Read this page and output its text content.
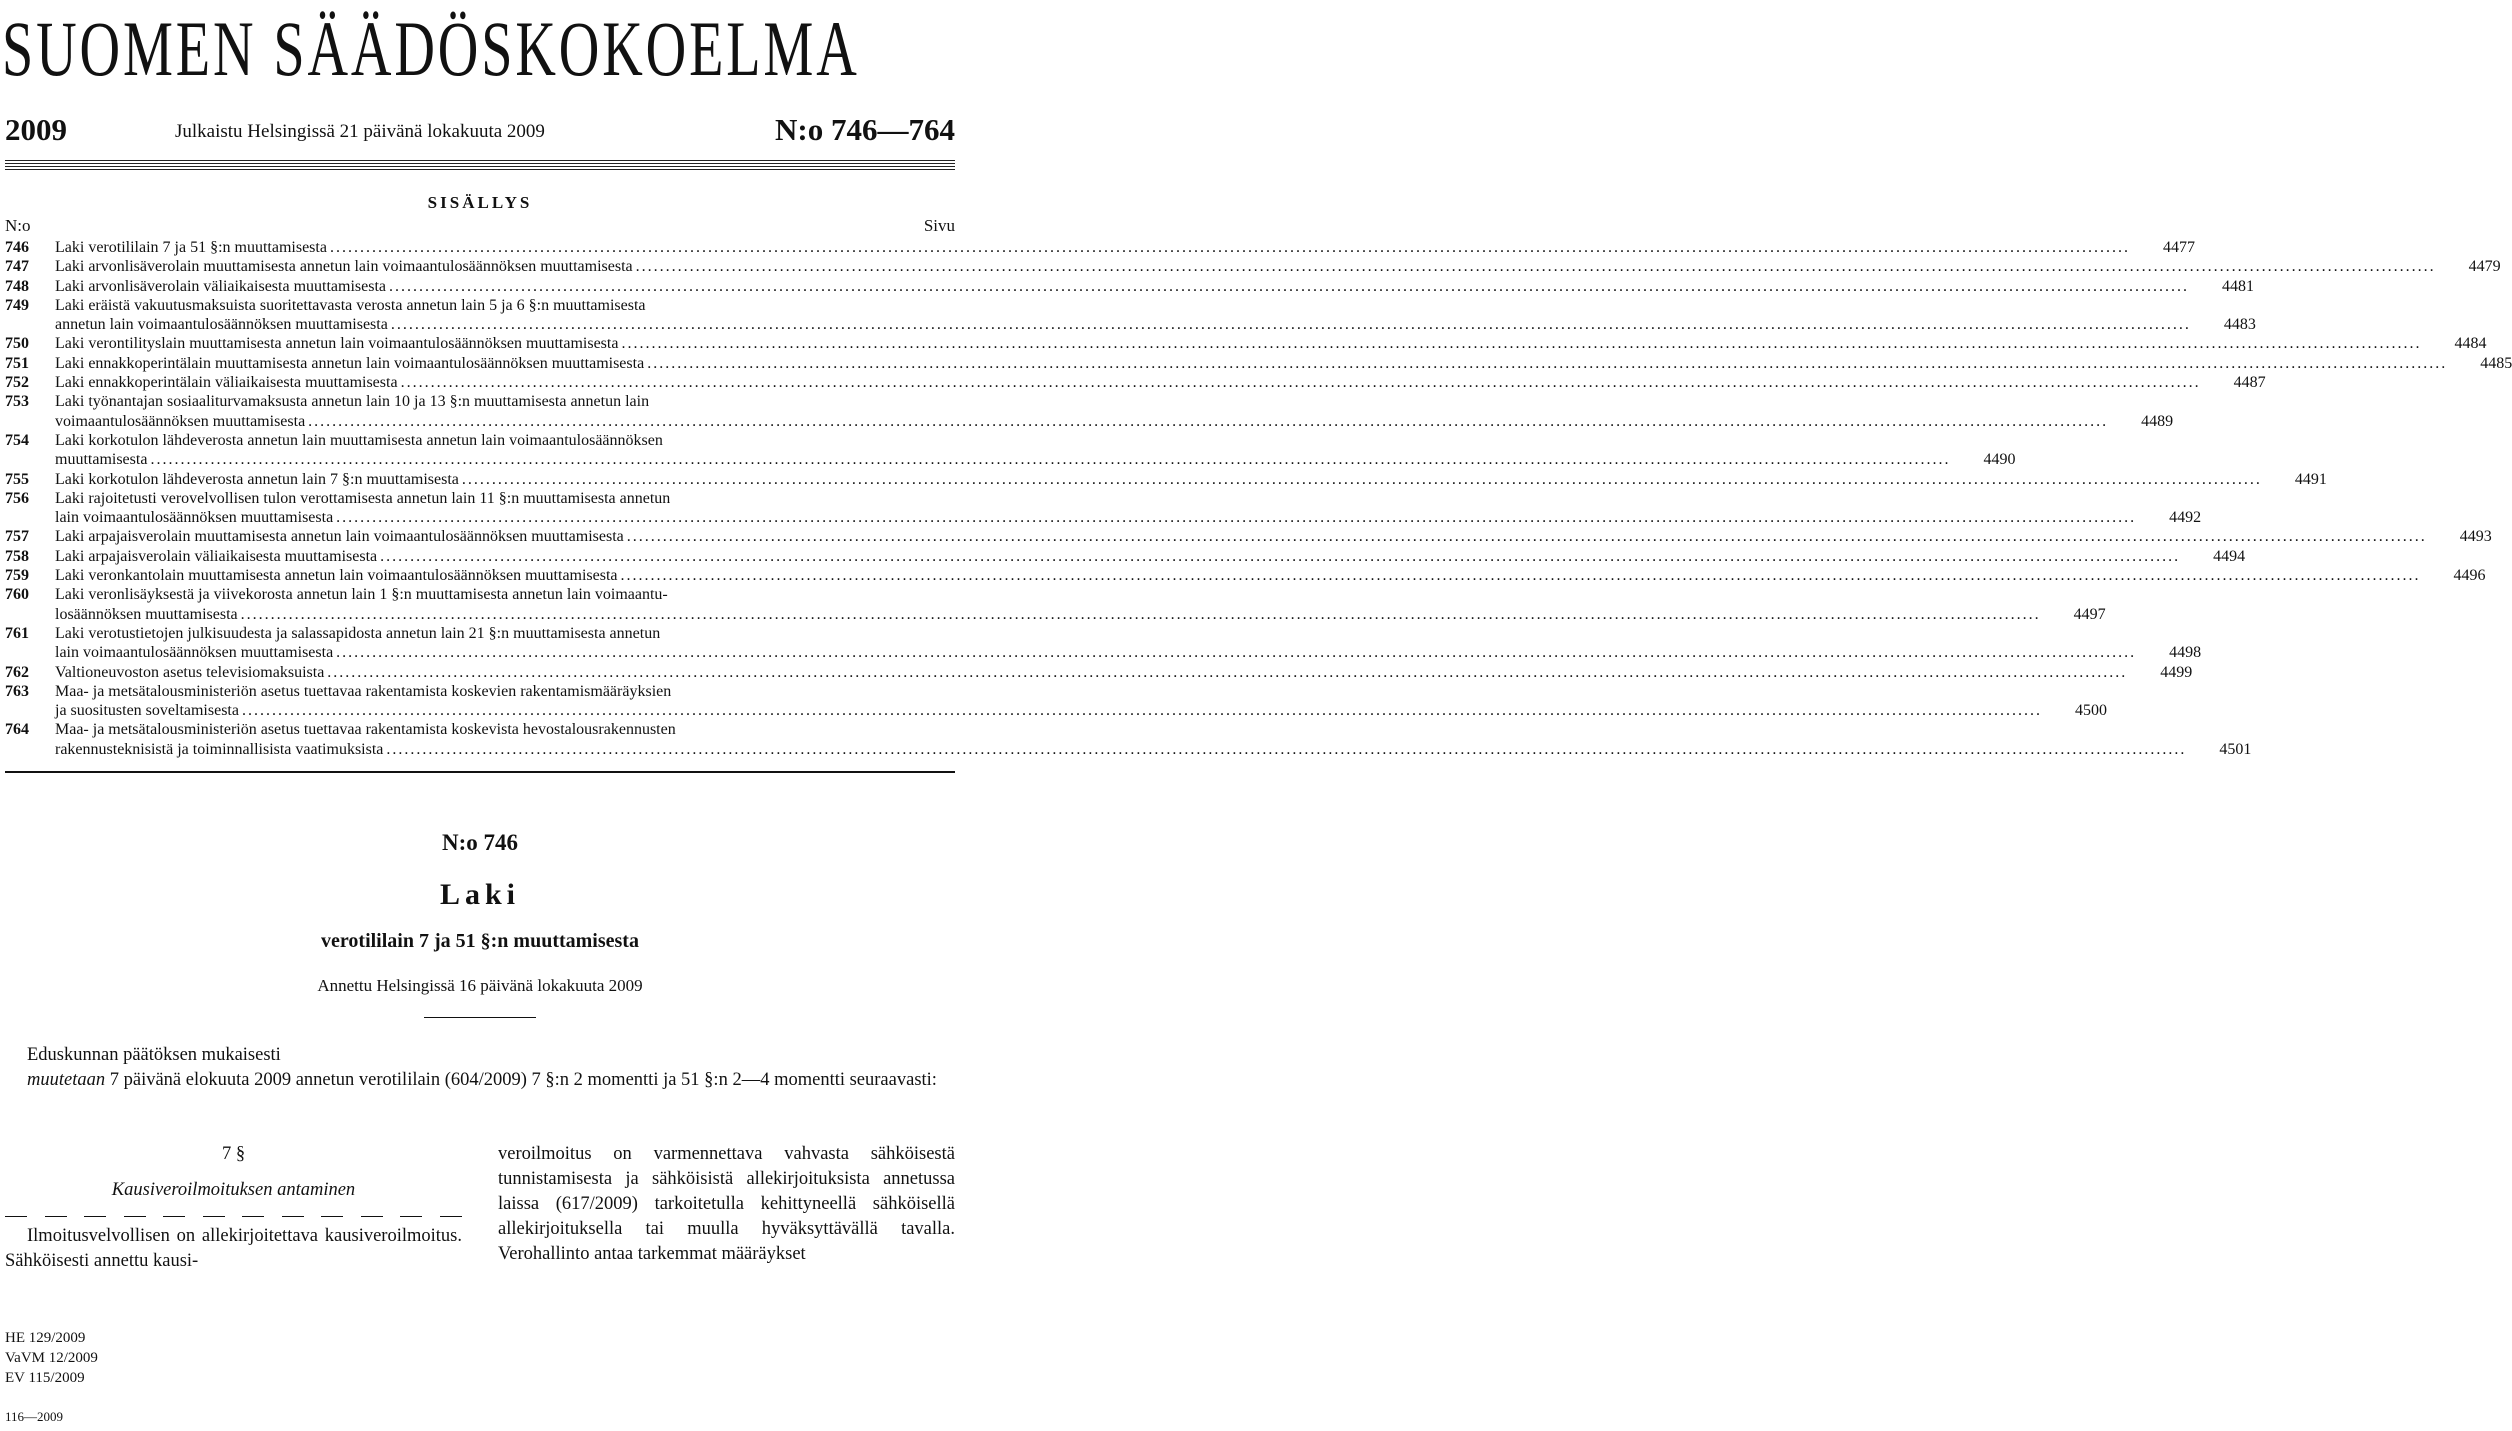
SUOMEN SÄÄDÖSKOKOELMA
2009	Julkaistu Helsingissä 21 päivänä lokakuuta 2009	N:o 746—764
SISÄLLYS
N:o	Sivu
746	Laki verotililain 7 ja 51 §:n muuttamisesta ............................................................................................................................................................................................................................................................................................................	4477
747	Laki arvonlisäverolain muuttamisesta annetun lain voimaantulosäännöksen muuttamisesta ............................................................................................................................................................................................................................................................................................................	4479
748	Laki arvonlisäverolain väliaikaisesta muuttamisesta ............................................................................................................................................................................................................................................................................................................	4481
749	Laki eräistä vakuutusmaksuista suoritettavasta verosta annetun lain 5 ja 6 §:n muuttamisesta
annetun lain voimaantulosäännöksen muuttamisesta ............................................................................................................................................................................................................................................................................................................	4483
750	Laki verontilityslain muuttamisesta annetun lain voimaantulosäännöksen muuttamisesta ............................................................................................................................................................................................................................................................................................................	4484
751	Laki ennakkoperintälain muuttamisesta annetun lain voimaantulosäännöksen muuttamisesta ............................................................................................................................................................................................................................................................................................................	4485
752	Laki ennakkoperintälain väliaikaisesta muuttamisesta ............................................................................................................................................................................................................................................................................................................	4487
753	Laki työnantajan sosiaaliturvamaksusta annetun lain 10 ja 13 §:n muuttamisesta annetun lain
voimaantulosäännöksen muuttamisesta ............................................................................................................................................................................................................................................................................................................	4489
754	Laki korkotulon lähdeverosta annetun lain muuttamisesta annetun lain voimaantulosäännöksen
muuttamisesta ............................................................................................................................................................................................................................................................................................................	4490
755	Laki korkotulon lähdeverosta annetun lain 7 §:n muuttamisesta ............................................................................................................................................................................................................................................................................................................	4491
756	Laki rajoitetusti verovelvollisen tulon verottamisesta annetun lain 11 §:n muuttamisesta annetun
lain voimaantulosäännöksen muuttamisesta ............................................................................................................................................................................................................................................................................................................	4492
757	Laki arpajaisverolain muuttamisesta annetun lain voimaantulosäännöksen muuttamisesta ............................................................................................................................................................................................................................................................................................................	4493
758	Laki arpajaisverolain väliaikaisesta muuttamisesta ............................................................................................................................................................................................................................................................................................................	4494
759	Laki veronkantolain muuttamisesta annetun lain voimaantulosäännöksen muuttamisesta ............................................................................................................................................................................................................................................................................................................	4496
760	Laki veronlisäyksestä ja viivekorosta annetun lain 1 §:n muuttamisesta annetun lain voimaantu-
losäännöksen muuttamisesta ............................................................................................................................................................................................................................................................................................................	4497
761	Laki verotustietojen julkisuudesta ja salassapidosta annetun lain 21 §:n muuttamisesta annetun
lain voimaantulosäännöksen muuttamisesta ............................................................................................................................................................................................................................................................................................................	4498
762	Valtioneuvoston asetus televisiomaksuista ............................................................................................................................................................................................................................................................................................................	4499
763	Maa- ja metsätalousministeriön asetus tuettavaa rakentamista koskevien rakentamismääräyksien
ja suositusten soveltamisesta ............................................................................................................................................................................................................................................................................................................	4500
764	Maa- ja metsätalousministeriön asetus tuettavaa rakentamista koskevista hevostalousrakennusten
rakennusteknisistä ja toiminnallisista vaatimuksista ............................................................................................................................................................................................................................................................................................................	4501
N:o 746
Laki
verotililain 7 ja 51 §:n muuttamisesta
Annettu Helsingissä 16 päivänä lokakuuta 2009

Eduskunnan päätöksen mukaisesti

muutetaan 7 päivänä elokuuta 2009 annetun verotililain (604/2009) 7 §:n 2 momentti ja 51 §:n 2—4 momentti seuraavasti:

7 §
Kausiveroilmoituksen antaminen
Ilmoitusvelvollisen on allekirjoitettava kausiveroilmoitus. Sähköisesti annettu kausi-
veroilmoitus on varmennettava vahvasta sähköisestä tunnistamisesta ja sähköisistä allekirjoituksista annetussa laissa (617/2009) tarkoitetulla kehittyneellä sähköisellä allekirjoituksella tai muulla hyväksyttävällä tavalla. Verohallinto antaa tarkemmat määräykset
HE 129/2009
VaVM 12/2009
EV 115/2009
116—2009
